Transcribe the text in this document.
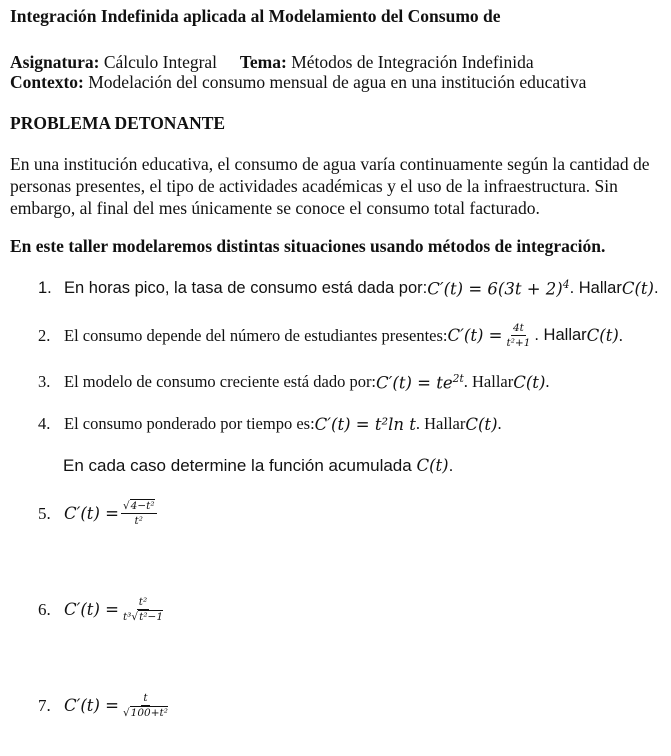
Integración Indefinida aplicada al Modelamiento del Consumo de
Asignatura: Cálculo Integral Tema: Métodos de Integración Indefinida
Contexto: Modelación del consumo mensual de agua en una institución educativa
PROBLEMA DETONANTE
En una institución educativa, el consumo de agua varía continuamente según la cantidad de personas presentes, el tipo de actividades académicas y el uso de la infraestructura. Sin embargo, al final del mes únicamente se conoce el consumo total facturado.
En este taller modelaremos distintas situaciones usando métodos de integración.
1. En horas pico, la tasa de consumo está dada por: $C'(t) = 6(3t + 2)^4$ . Hallar C(t) .
2. El consumo depende del número de estudiantes presentes: $C'(t) = \frac{4t}{\text{t²+1}}$ . Hallar C(t) .
3. El modelo de consumo creciente está dado por: $C'(t) = te^{2t}$ . Hallar C(t) .
4. El consumo ponderado por tiempo es: C′(t) = t²ln t . Hallar C(t) .
En cada caso determine la función acumulada C(t).
5. $C'(t) = \frac{\text{√4−t²}}{\text{t²}}$
6. $C'(t) = \frac{\text{t²}}{\text{t³√t²−1}}$
7. $C'(t) = \frac{t}{\text{√100+t²}}$
